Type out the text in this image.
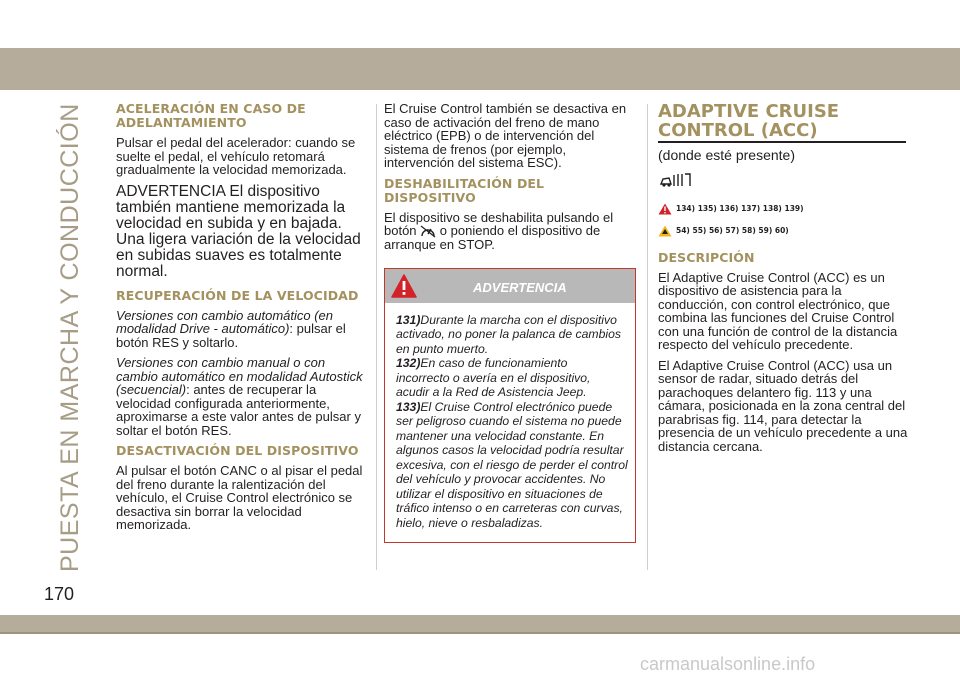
PUESTA EN MARCHA Y CONDUCCIÓN	ACELERACIÓN EN CASO DE ADELANTAMIENTO
Pulsar el pedal del acelerador: cuando se suelte el pedal, el vehículo retomará gradualmente la velocidad memorizada.
ADVERTENCIA El dispositivo también mantiene memorizada la velocidad en subida y en bajada. Una ligera variación de la velocidad en subidas suaves es totalmente normal.
RECUPERACIÓN DE LA VELOCIDAD
Versiones con cambio automático (en modalidad Drive - automático): pulsar el botón RES y soltarlo.
Versiones con cambio manual o con cambio automático en modalidad Autostick (secuencial): antes de recuperar la velocidad configurada anteriormente, aproximarse a este valor antes de pulsar y soltar el botón RES.
DESACTIVACIÓN DEL DISPOSITIVO
Al pulsar el botón CANC o al pisar el pedal del freno durante la ralentización del vehículo, el Cruise Control electrónico se desactiva sin borrar la velocidad memorizada.
El Cruise Control también se desactiva en caso de activación del freno de mano eléctrico (EPB) o de intervención del sistema de frenos (por ejemplo, intervención del sistema ESC).
DESHABILITACIÓN DEL DISPOSITIVO
El dispositivo se deshabilita pulsando el botón o poniendo el dispositivo de arranque en STOP.
ADVERTENCIA
131)Durante la marcha con el dispositivo
activado, no poner la palanca de cambios
en punto muerto.
132)En caso de funcionamiento
incorrecto o avería en el dispositivo,
acudir a la Red de Asistencia Jeep.
133)El Cruise Control electrónico puede
ser peligroso cuando el sistema no puede
mantener una velocidad constante. En
algunos casos la velocidad podría resultar
excesiva, con el riesgo de perder el control
del vehículo y provocar accidentes. No
utilizar el dispositivo en situaciones de
tráfico intenso o en carreteras con curvas,
hielo, nieve o resbaladizas.
ADAPTIVE CRUISE CONTROL (ACC)
(donde esté presente)
134) 135) 136) 137) 138) 139)
54) 55) 56) 57) 58) 59) 60)
DESCRIPCIÓN
El Adaptive Cruise Control (ACC) es un dispositivo de asistencia para la conducción, con control electrónico, que combina las funciones del Cruise Control con una función de control de la distancia respecto del vehículo precedente.
El Adaptive Cruise Control (ACC) usa un sensor de radar, situado detrás del parachoques delantero fig. 113 y una cámara, posicionada en la zona central del parabrisas fig. 114, para detectar la presencia de un vehículo precedente a una distancia cercana.
170
carmanualsonline.info
